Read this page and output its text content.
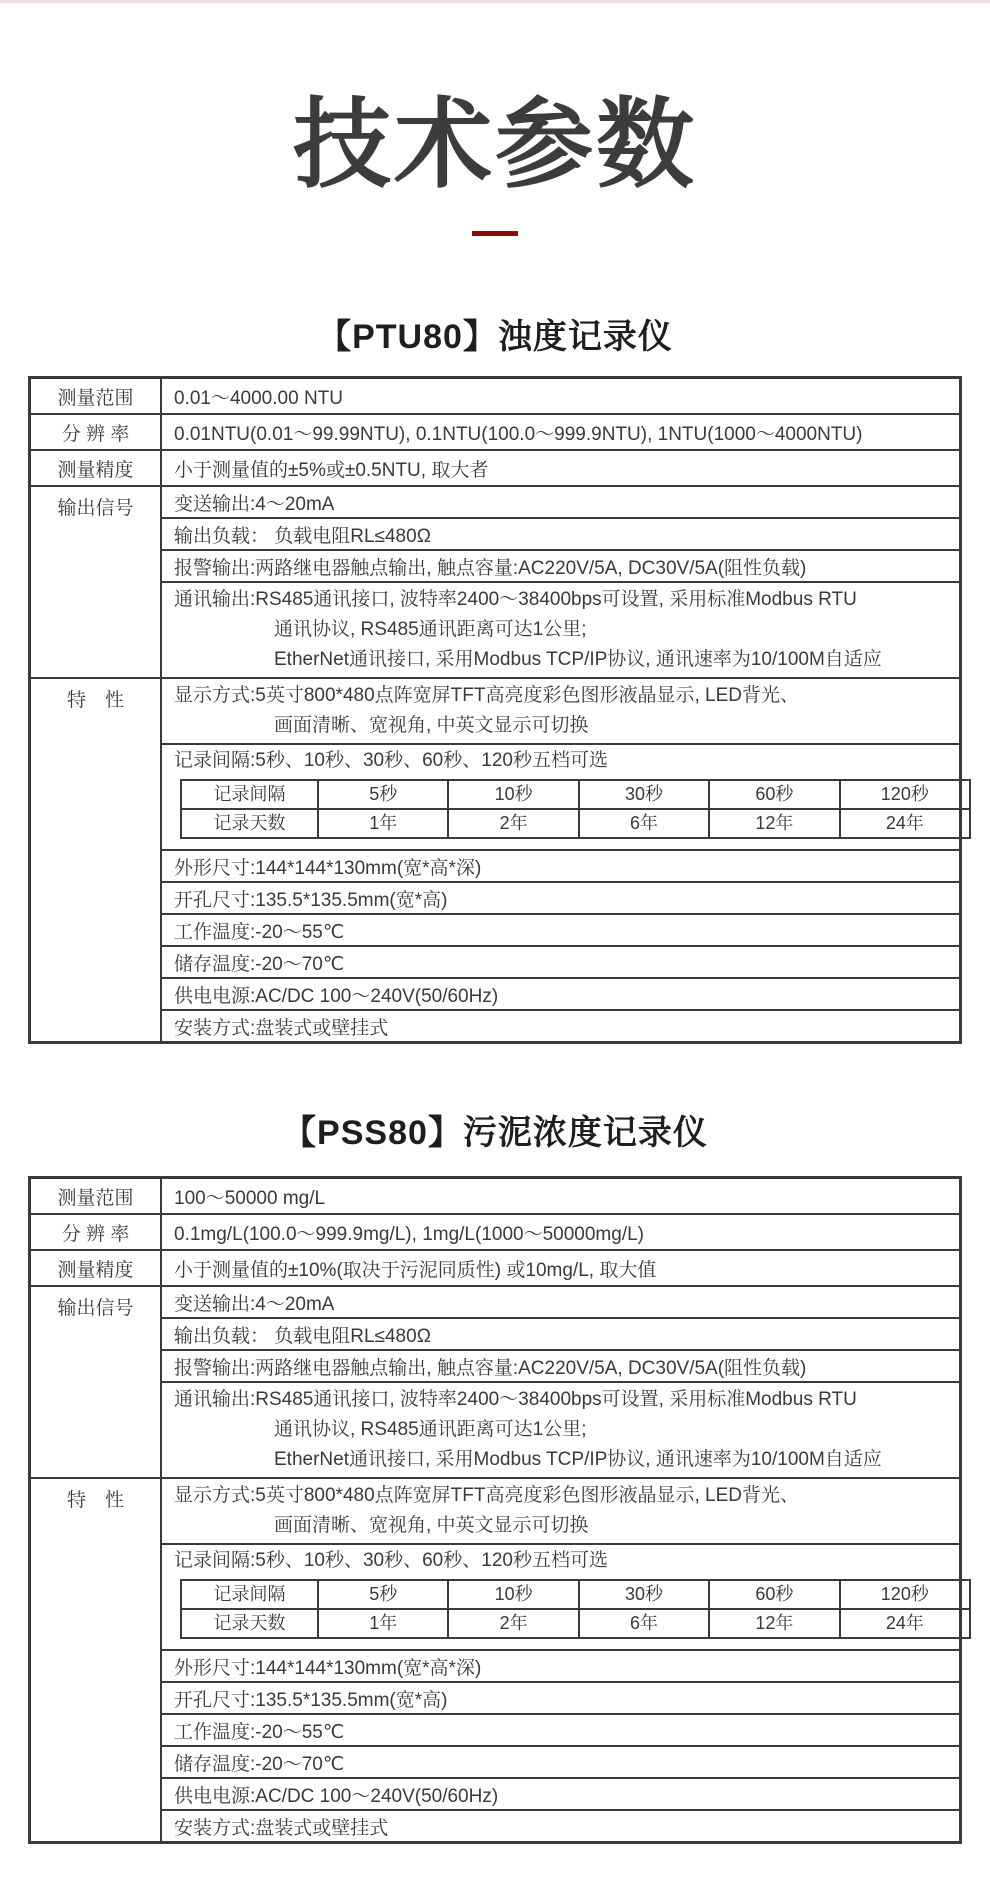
技术参数
【PTU80】浊度记录仪
测量范围	0.01～4000.00 NTU
分 辨 率	0.01NTU(0.01～99.99NTU), 0.1NTU(100.0～999.9NTU), 1NTU(1000～4000NTU)
测量精度	小于测量值的±5%或±0.5NTU, 取大者
输出信号	变送输出:4～20mA
输出负载： 负载电阻RL≤480Ω
报警输出:两路继电器触点输出, 触点容量:AC220V/5A, DC30V/5A(阻性负载)
通讯输出:RS485通讯接口, 波特率2400～38400bps可设置, 采用标准Modbus RTU
通讯协议, RS485通讯距离可达1公里;
EtherNet通讯接口, 采用Modbus TCP/IP协议, 通讯速率为10/100M自适应
特　性	显示方式:5英寸800*480点阵宽屏TFT高亮度彩色图形液晶显示, LED背光、
画面清晰、宽视角, 中英文显示可切换
记录间隔:5秒、10秒、30秒、60秒、120秒五档可选
记录间隔	5秒	10秒	30秒	60秒	120秒
记录天数	1年	2年	6年	12年	24年
外形尺寸:144*144*130mm(宽*高*深)
开孔尺寸:135.5*135.5mm(宽*高)
工作温度:-20～55℃
储存温度:-20～70℃
供电电源:AC/DC 100～240V(50/60Hz)
安装方式:盘装式或壁挂式
【PSS80】污泥浓度记录仪
测量范围	100～50000 mg/L
分 辨 率	0.1mg/L(100.0～999.9mg/L), 1mg/L(1000～50000mg/L)
测量精度	小于测量值的±10%(取决于污泥同质性) 或10mg/L, 取大值
输出信号	变送输出:4～20mA
输出负载： 负载电阻RL≤480Ω
报警输出:两路继电器触点输出, 触点容量:AC220V/5A, DC30V/5A(阻性负载)
通讯输出:RS485通讯接口, 波特率2400～38400bps可设置, 采用标准Modbus RTU
通讯协议, RS485通讯距离可达1公里;
EtherNet通讯接口, 采用Modbus TCP/IP协议, 通讯速率为10/100M自适应
特　性	显示方式:5英寸800*480点阵宽屏TFT高亮度彩色图形液晶显示, LED背光、
画面清晰、宽视角, 中英文显示可切换
记录间隔:5秒、10秒、30秒、60秒、120秒五档可选
记录间隔	5秒	10秒	30秒	60秒	120秒
记录天数	1年	2年	6年	12年	24年
外形尺寸:144*144*130mm(宽*高*深)
开孔尺寸:135.5*135.5mm(宽*高)
工作温度:-20～55℃
储存温度:-20～70℃
供电电源:AC/DC 100～240V(50/60Hz)
安装方式:盘装式或壁挂式
